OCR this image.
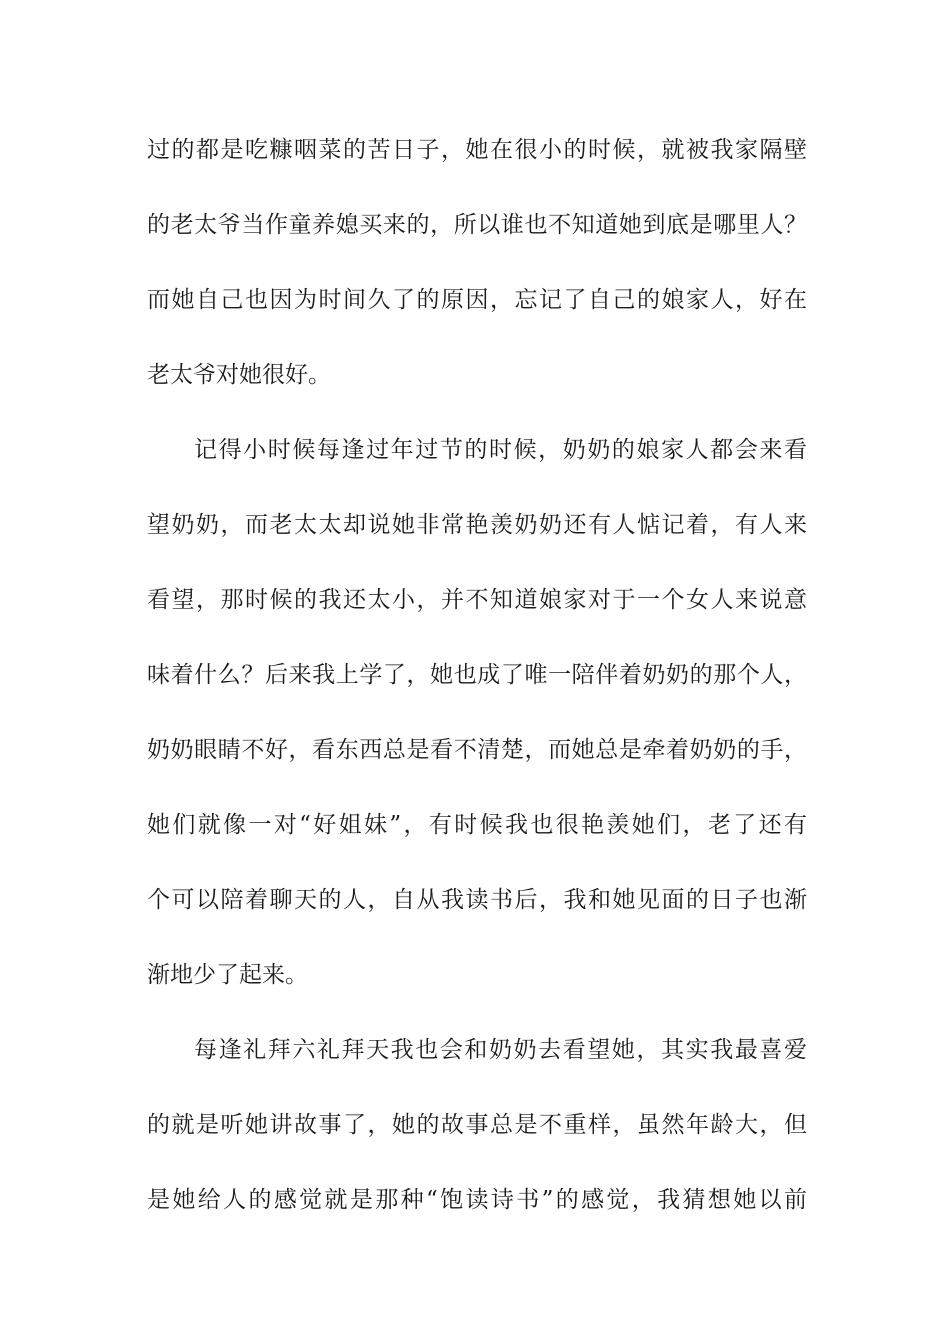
过的都是吃糠咽菜的苦日子，她在很小的时候，就被我家隔壁
的老太爷当作童养媳买来的，所以谁也不知道她到底是哪里人？
而她自己也因为时间久了的原因，忘记了自己的娘家人，好在
老太爷对她很好。
记得小时候每逢过年过节的时候，奶奶的娘家人都会来看
望奶奶，而老太太却说她非常艳羡奶奶还有人惦记着，有人来
看望，那时候的我还太小，并不知道娘家对于一个女人来说意
味着什么？后来我上学了，她也成了唯一陪伴着奶奶的那个人，
奶奶眼睛不好，看东西总是看不清楚，而她总是牵着奶奶的手，
她们就像一对“好姐妹”，有时候我也很艳羡她们，老了还有
个可以陪着聊天的人，自从我读书后，我和她见面的日子也渐
渐地少了起来。
每逢礼拜六礼拜天我也会和奶奶去看望她，其实我最喜爱
的就是听她讲故事了，她的故事总是不重样，虽然年龄大，但
是她给人的感觉就是那种“饱读诗书”的感觉，我猜想她以前
